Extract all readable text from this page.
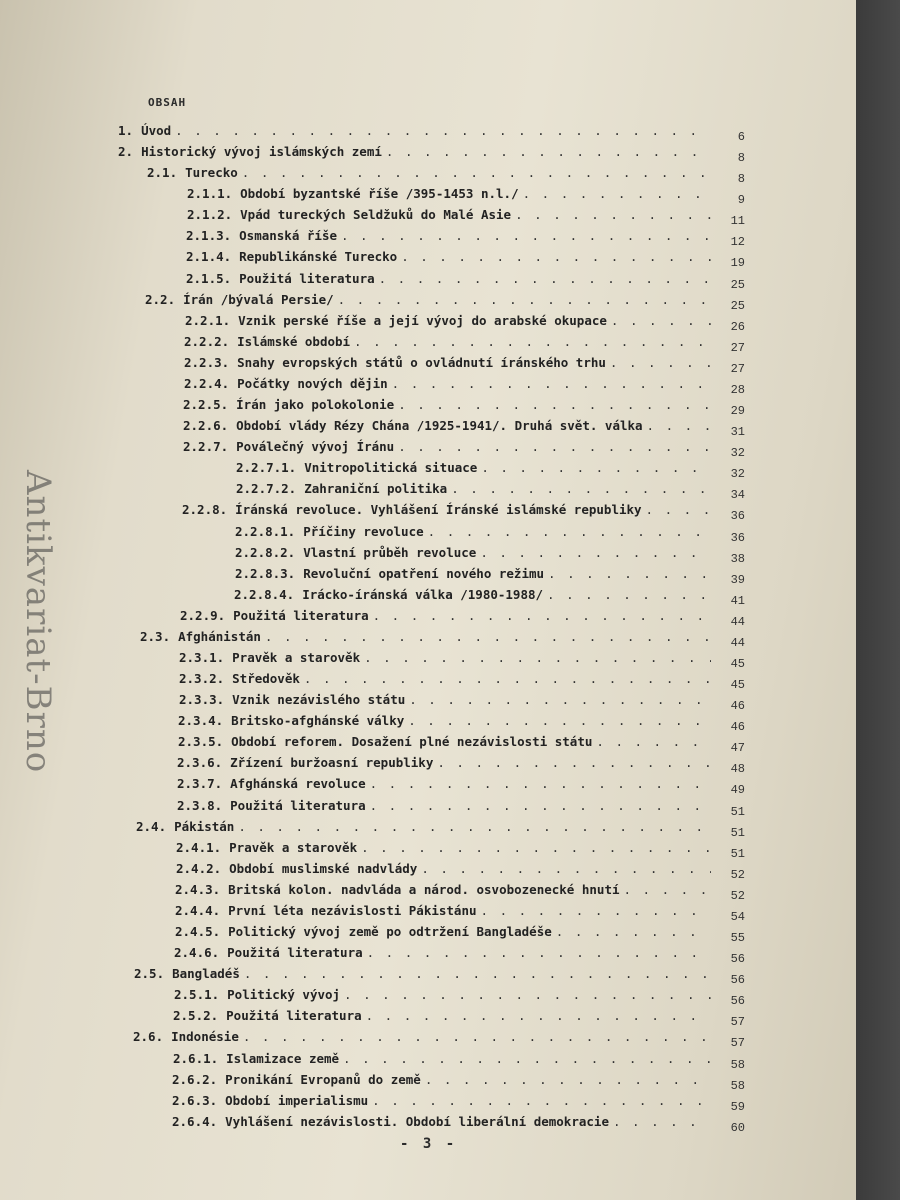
Antikvariat-Brno
OBSAH
1. Úvod . . .	6
2. Historický vývoj islámských zemí . . .	8
2.1. Turecko . . .	8
2.1.1. Období byzantské říše /395-1453 n.l./ . . .	9
2.1.2. Vpád tureckých Seldžuků do Malé Asie . . .	11
2.1.3. Osmanská říše . . .	12
2.1.4. Republikánské Turecko . . .	19
2.1.5. Použitá literatura . . .	25
2.2. Írán /bývalá Persie/ . . .	25
2.2.1. Vznik perské říše a její vývoj do arabské okupace . . .	26
2.2.2. Islámské období . . .	27
2.2.3. Snahy evropských států o ovládnutí íránského trhu . . .	27
2.2.4. Počátky nových dějin . . .	28
2.2.5. Írán jako polokolonie . . .	29
2.2.6. Období vlády Rézy Chána /1925-1941/. Druhá svět. válka . . .	31
2.2.7. Poválečný vývoj Íránu . . .	32
2.2.7.1. Vnitropolitická situace . . .	32
2.2.7.2. Zahraniční politika . . .	34
2.2.8. Íránská revoluce. Vyhlášení Íránské islámské republiky . . .	36
2.2.8.1. Příčiny revoluce . . .	36
2.2.8.2. Vlastní průběh revoluce . . .	38
2.2.8.3. Revoluční opatření nového režimu . . .	39
2.2.8.4. Irácko-íránská válka /1980-1988/ . . .	41
2.2.9. Použitá literatura . . .	44
2.3. Afghánistán . . .	44
2.3.1. Pravěk a starověk . . .	45
2.3.2. Středověk . . .	45
2.3.3. Vznik nezávislého státu . . .	46
2.3.4. Britsko-afghánské války . . .	46
2.3.5. Období reforem. Dosažení plné nezávislosti státu . . .	47
2.3.6. Zřízení buržoasní republiky . . .	48
2.3.7. Afghánská revoluce . . .	49
2.3.8. Použitá literatura . . .	51
2.4. Pákistán . . .	51
2.4.1. Pravěk a starověk . . .	51
2.4.2. Období muslimské nadvlády . . .	52
2.4.3. Britská kolon. nadvláda a národ. osvobozenecké hnutí . . .	52
2.4.4. První léta nezávislosti Pákistánu . . .	54
2.4.5. Politický vývoj země po odtržení Bangladéše . . .	55
2.4.6. Použitá literatura . . .	56
2.5. Bangladéš . . .	56
2.5.1. Politický vývoj . . .	56
2.5.2. Použitá literatura . . .	57
2.6. Indonésie . . .	57
2.6.1. Islamizace země . . .	58
2.6.2. Pronikání Evropanů do země . . .	58
2.6.3. Období imperialismu . . .	59
2.6.4. Vyhlášení nezávislosti. Období liberální demokracie . . .	60
- 3 -
